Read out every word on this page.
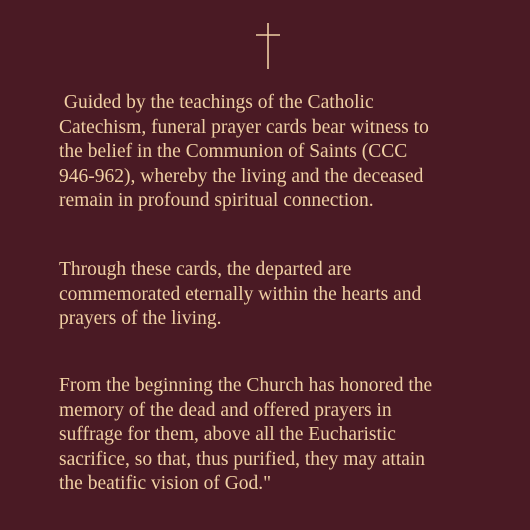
Guided by the teachings of the Catholic
Catechism, funeral prayer cards bear witness to
the belief in the Communion of Saints (CCC
946-962), whereby the living and the deceased
remain in profound spiritual connection.

Through these cards, the departed are
commemorated eternally within the hearts and
prayers of the living.

From the beginning the Church has honored the
memory of the dead and offered prayers in
suffrage for them, above all the Eucharistic
sacrifice, so that, thus purified, they may attain
the beatific vision of God."
